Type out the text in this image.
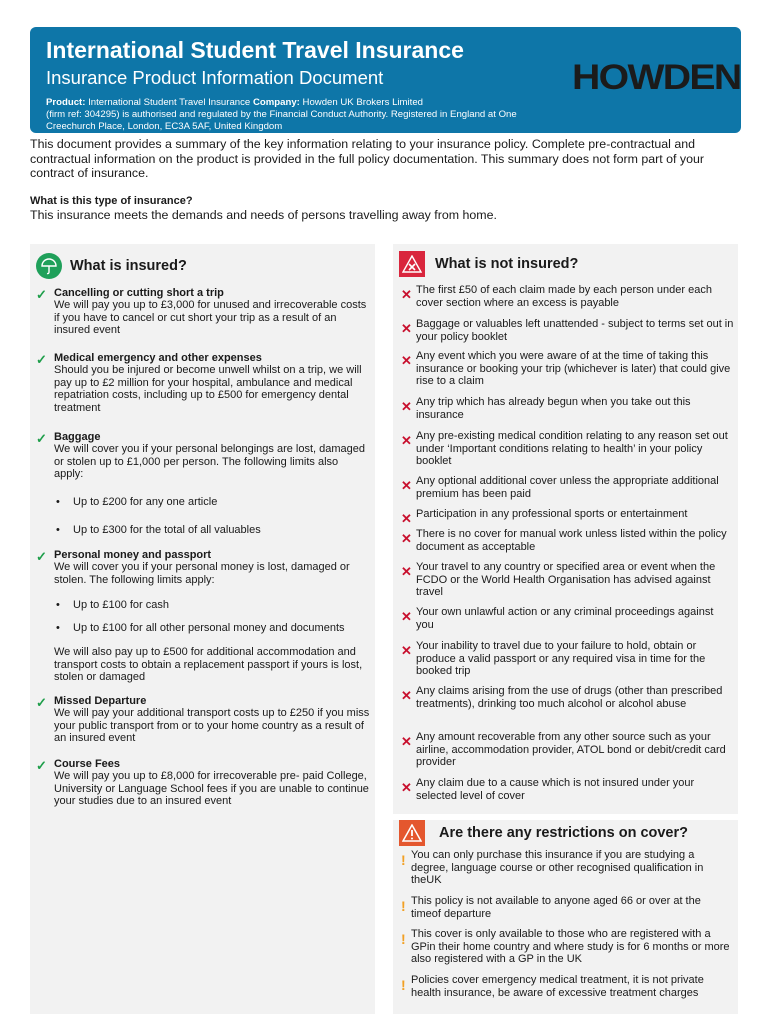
International Student Travel Insurance
Insurance Product Information Document
Product: International Student Travel Insurance Company: Howden UK Brokers Limited
(firm ref: 304295) is authorised and regulated by the Financial Conduct Authority. Registered in England at One
Creechurch Place, London, EC3A 5AF, United Kingdom
HOWDEN
This document provides a summary of the key information relating to your insurance policy. Complete pre-contractual and contractual information on the product is provided in the full policy documentation. This summary does not form part of your contract of insurance.
What is this type of insurance?
This insurance meets the demands and needs of persons travelling away from home.
What is insured?
✓ Cancelling or cutting short a trip
We will pay you up to £3,000 for unused and irrecoverable costs if you have to cancel or cut short your trip as a result of an insured event
✓ Medical emergency and other expenses
Should you be injured or become unwell whilst on a trip, we will pay up to £2 million for your hospital, ambulance and medical repatriation costs, including up to £500 for emergency dental treatment
✓ Baggage
We will cover you if your personal belongings are lost, damaged or stolen up to £1,000 per person. The following limits also apply:
• Up to £200 for any one article
• Up to £300 for the total of all valuables
✓ Personal money and passport
We will cover you if your personal money is lost, damaged or stolen. The following limits apply:
• Up to £100 for cash
• Up to £100 for all other personal money and documents
We will also pay up to £500 for additional accommodation and transport costs to obtain a replacement passport if yours is lost, stolen or damaged
✓ Missed Departure
We will pay your additional transport costs up to £250 if you miss your public transport from or to your home country as a result of an insured event
✓ Course Fees
We will pay you up to £8,000 for irrecoverable pre- paid College, University or Language School fees if you are unable to continue your studies due to an insured event
What is not insured?
✕ The first £50 of each claim made by each person under each cover section where an excess is payable
✕ Baggage or valuables left unattended - subject to terms set out in your policy booklet
✕ Any event which you were aware of at the time of taking this insurance or booking your trip (whichever is later) that could give rise to a claim
✕ Any trip which has already begun when you take out this insurance
✕ Any pre-existing medical condition relating to any reason set out under ‘Important conditions relating to health’ in your policy booklet
✕ Any optional additional cover unless the appropriate additional premium has been paid
✕ Participation in any professional sports or entertainment
✕ There is no cover for manual work unless listed within the policy document as acceptable
✕ Your travel to any country or specified area or event when the FCDO or the World Health Organisation has advised against travel
✕ Your own unlawful action or any criminal proceedings against you
✕ Your inability to travel due to your failure to hold, obtain or produce a valid passport or any required visa in time for the booked trip
✕ Any claims arising from the use of drugs (other than prescribed treatments), drinking too much alcohol or alcohol abuse
✕ Any amount recoverable from any other source such as your airline, accommodation provider, ATOL bond or debit/credit card provider
✕ Any claim due to a cause which is not insured under your selected level of cover
Are there any restrictions on cover?
! You can only purchase this insurance if you are studying a degree, language course or other recognised qualification in theUK
! This policy is not available to anyone aged 66 or over at the timeof departure
! This cover is only available to those who are registered with a GPin their home country and where study is for 6 months or more also registered with a GP in the UK
! Policies cover emergency medical treatment, it is not private health insurance, be aware of excessive treatment charges
